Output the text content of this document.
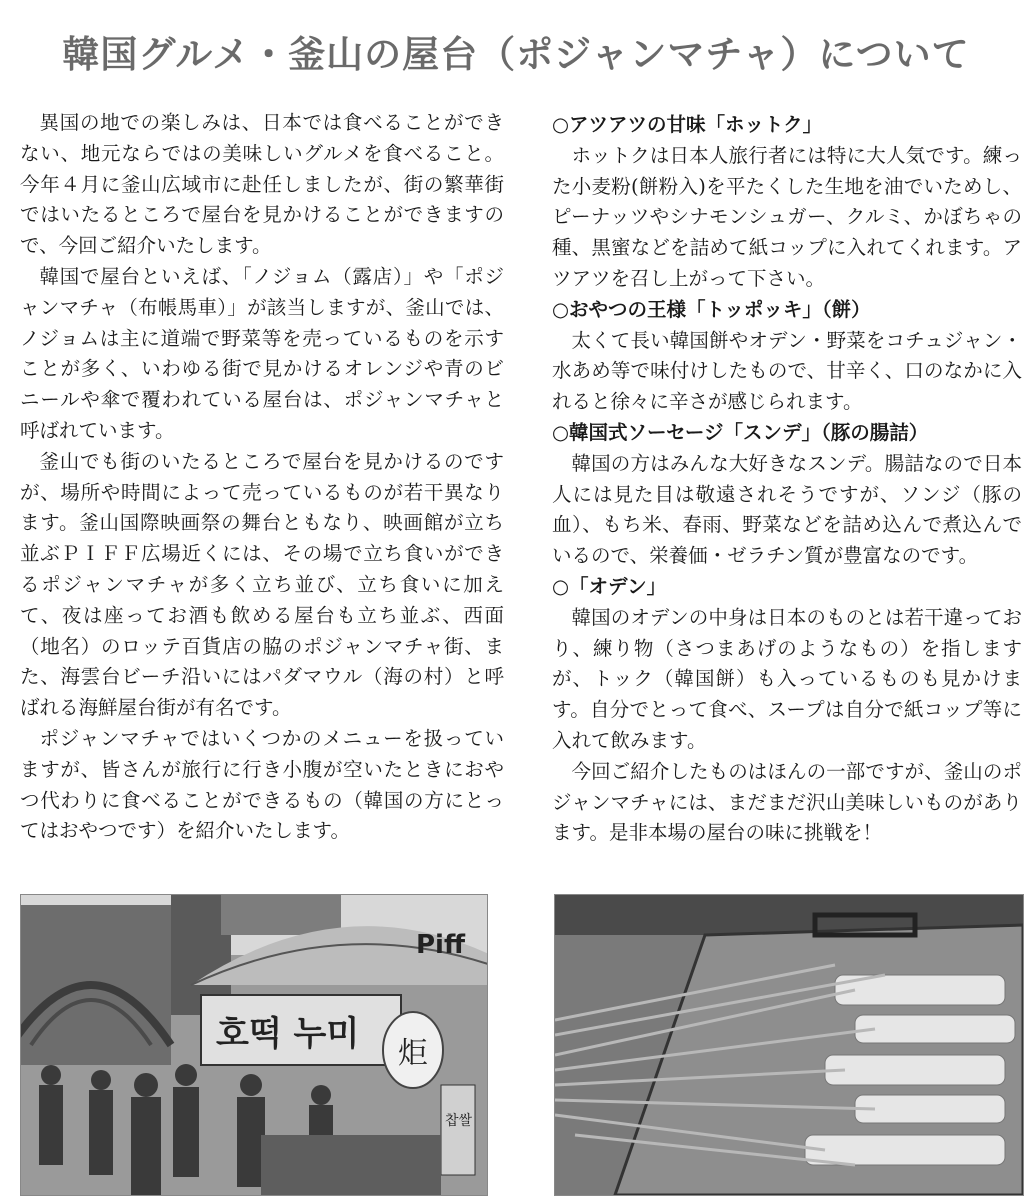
韓国グルメ・釜山の屋台（ポジャンマチャ）について

異国の地での楽しみは、日本では食べることができない、地元ならではの美味しいグルメを食べること。今年４月に釜山広域市に赴任しましたが、街の繁華街ではいたるところで屋台を見かけることができますので、今回ご紹介いたします。

韓国で屋台といえば、「ノジョム（露店）」や「ポジャンマチャ（布帳馬車）」が該当しますが、釜山では、ノジョムは主に道端で野菜等を売っているものを示すことが多く、いわゆる街で見かけるオレンジや青のビニールや傘で覆われている屋台は、ポジャンマチャと呼ばれています。

釜山でも街のいたるところで屋台を見かけるのですが、場所や時間によって売っているものが若干異なります。釜山国際映画祭の舞台ともなり、映画館が立ち並ぶＰＩＦＦ広場近くには、その場で立ち食いができるポジャンマチャが多く立ち並び、立ち食いに加えて、夜は座ってお酒も飲める屋台も立ち並ぶ、西面（地名）のロッテ百貨店の脇のポジャンマチャ街、また、海雲台ビーチ沿いにはパダマウル（海の村）と呼ばれる海鮮屋台街が有名です。

ポジャンマチャではいくつかのメニューを扱っていますが、皆さんが旅行に行き小腹が空いたときにおやつ代わりに食べることができるもの（韓国の方にとってはおやつです）を紹介いたします。

○アツアツの甘味「ホットク」

ホットクは日本人旅行者には特に大人気です。練った小麦粉(餅粉入)を平たくした生地を油でいためし、ピーナッツやシナモンシュガー、クルミ、かぼちゃの種、黒蜜などを詰めて紙コップに入れてくれます。アツアツを召し上がって下さい。

○おやつの王様「トッポッキ」（餅）

太くて長い韓国餅やオデン・野菜をコチュジャン・水あめ等で味付けしたもので、甘辛く、口のなかに入れると徐々に辛さが感じられます。

○韓国式ソーセージ「スンデ」（豚の腸詰）

韓国の方はみんな大好きなスンデ。腸詰なので日本人には見た目は敬遠されそうですが、ソンジ（豚の血）、もち米、春雨、野菜などを詰め込んで煮込んでいるので、栄養価・ゼラチン質が豊富なのです。

○「オデン」

韓国のオデンの中身は日本のものとは若干違っており、練り物（さつまあげのようなもの）を指しますが、トック（韓国餅）も入っているものも見かけます。自分でとって食べ、スープは自分で紙コップ等に入れて飲みます。

今回ご紹介したものはほんの一部ですが、釜山のポジャンマチャには、まだまだ沢山美味しいものがあります。是非本場の屋台の味に挑戦を！

Piff
호떡 누미 炬
찹쌀
